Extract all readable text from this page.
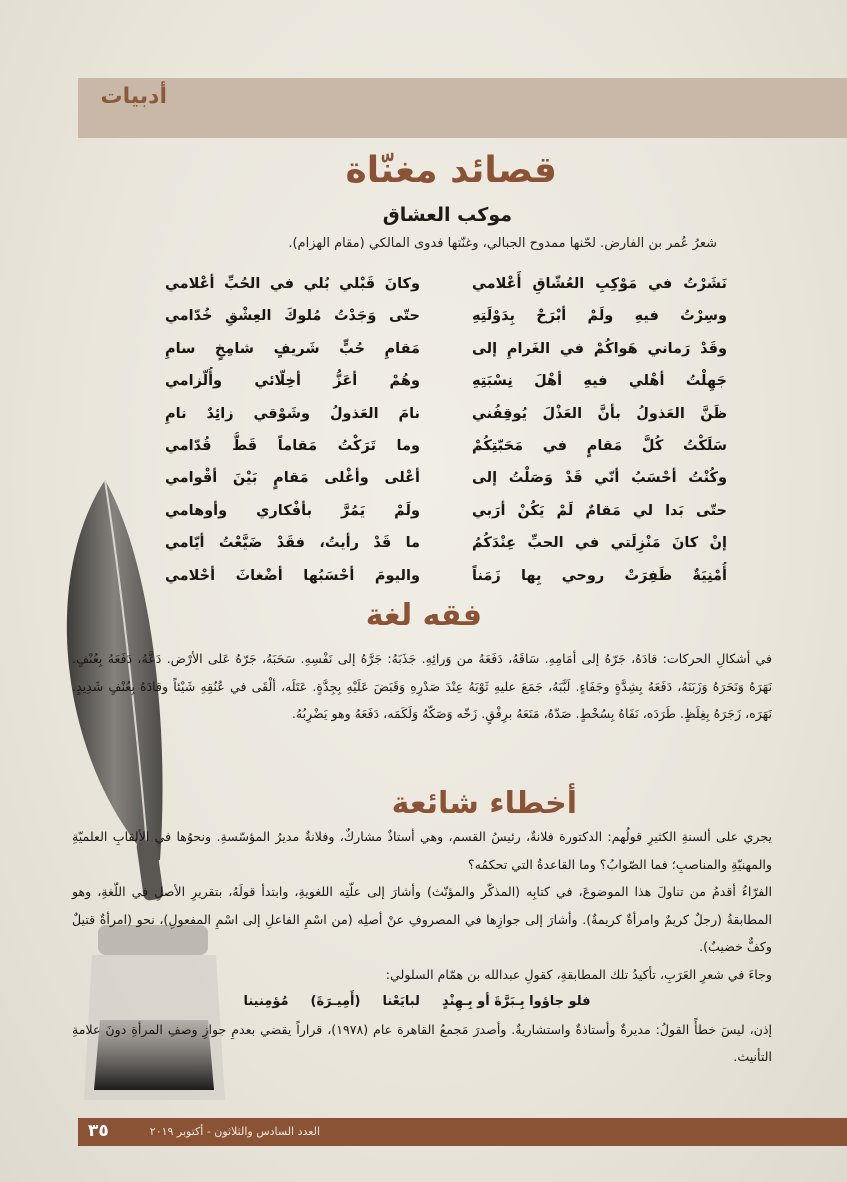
أدبيات
قصائد مغنّاة
موكب العشاق
شعرُ عُمر بن الفارض. لحّنها ممدوح الجبالي، وغنّتها فدوى المالكي (مقام الهزام).
نَشَرْتُ في مَوْكِبِ العُشّاقِ أَعْلامي
وكانَ قَبْلي بُلي في الحُبِّ أعْلامي
وسِرْتُ فيهِ ولَمْ أبْرَحْ بِدَوْلَتِهِ
حتّى وَجَدْتُ مُلوكَ العِشْقِ خُدّامي
وقَدْ رَماني هَواكُمْ في الغَرامِ إلى
مَقامِ حُبٍّ شَريفٍ شامِخٍ سامِ
جَهِلْتُ أهْلي فيهِ أهْلَ نِسْبَتِهِ
وهُمْ أعَزُّ أخِلّائي وأُلّزامي
ظَنَّ العَذولُ بأنَّ العَذْلَ يُوقِفُني
نامَ العَذولُ وشَوْقي زائِدٌ نامِ
سَلَكْتُ كُلَّ مَقامٍ في مَحَبّتِكُمْ
وما تَرَكْتُ مَقاماً قَطُّ قُدّامي
وكُنْتُ أحْسَبُ أنّي قَدْ وَصَلْتُ إلى
أعْلى وأغْلى مَقامٍ بَيْنَ أقْوامي
حتّى بَدا لي مَقامٌ لَمْ يَكُنْ أرَبي
ولَمْ يَمُرَّ بأفْكاري وأوهامي
إنْ كانَ مَنْزِلَتي في الحبِّ عِنْدَكُمُ
ما قَدْ رأيتُ، فقَدْ ضَيَّعْتُ أيّامي
أُمْنِيَةٌ ظَفِرَتْ روحي بِها زَمَناً
واليومَ أحْسَبُها أضْغاثَ أحْلامي
فقه لغة
في أشكالِ الحركات: قادَهُ، جَرّهُ إلى أمَامِهِ. سَاقَهُ، دَفَعَهُ من وَرائِهِ. جَذَبَهُ: جَرَّهُ إلى نَفْسِهِ. سَحَبَهُ، جَرّهُ عَلى الأرْض. دَعَّهُ، دَفَعَهُ بِعُنْفٍ. نَهَرَهُ وَنَحَرَهُ وَزَبَنَهُ، دَفَعَهُ بِشِدَّةٍ وجَفَاءٍ. لَبَّبَهُ، جَمَعَ عليهِ ثَوْبَهُ عِنْدَ صَدْرِهِ وَقَبَضَ عَلَيْهِ بِجِدَّةٍ. عَتَلَه، ألْقَى في عُنُقِهِ شَيْئاً وقادَهُ بِعُنْفٍ شَدِيدٍ. نَهَرَه، زَجَرَهُ بِغِلَظٍ. طَرَدَه، نَفَاهُ بِسُخْطٍ. صَدّهُ، مَنَعَهُ برِفْقٍ. زَخّه وَصَكّهُ وَلَكَمَه، دَفَعَهُ وهو يَضْرِبُهُ.
أخطاء شائعة

يجري على ألسنةِ الكثيرِ قولُهم: الدكتورة فلانةٌ، رئيسُ القسم، وهي أستاذٌ مشاركٌ، وفلانةٌ مديرُ المؤسّسةِ. ونحوُها في الألقابِ العلميّةِ والمهنيّةِ والمناصبِ؛ فما الصّوابُ؟ وما القاعدةُ التي تحكمُه؟

الفرّاءُ أقدمُ من تناولَ هذا الموضوعَ، في كتابِه (المذكّر والمؤنّث) وأشارَ إلى علّتِه اللغويةِ، وابتدأ قولَهُ، بتقريرِ الأصلِ في اللّغةِ، وهو المطابقةُ (رجلٌ كريمٌ وامرأةٌ كريمةٌ). وأشارَ إلى جوازِها في المصروفِ عنْ أصلِه (من اسْمِ الفاعلِ إلى اسْمِ المفعولِ)، نحو (امرأةٌ قتيلٌ وكفٌّ خضيبٌ).

وجاءَ في شعرِ العَرَبِ، تأكيدُ تلك المطابقةِ، كقولِ عبدالله بن همّام السلولي:

فلو جاؤوا بِـبَرَّةَ أو بِـهِنْدٍ
لبايَعْنا
(أَمِيـرَةَ)
مُؤمِنينا

إذن، ليسَ خطأً القولُ: مديرةٌ وأستاذةٌ واستشاريةٌ. وأصدرَ مَجمعُ القاهرة عام (١٩٧٨)، قراراً يقضي بعدمِ جوازِ وصفِ المرأةِ دونَ علامةِ التأنيث.

٣٥	العدد السادس والثلاثون - أكتوبر ٢٠١٩
